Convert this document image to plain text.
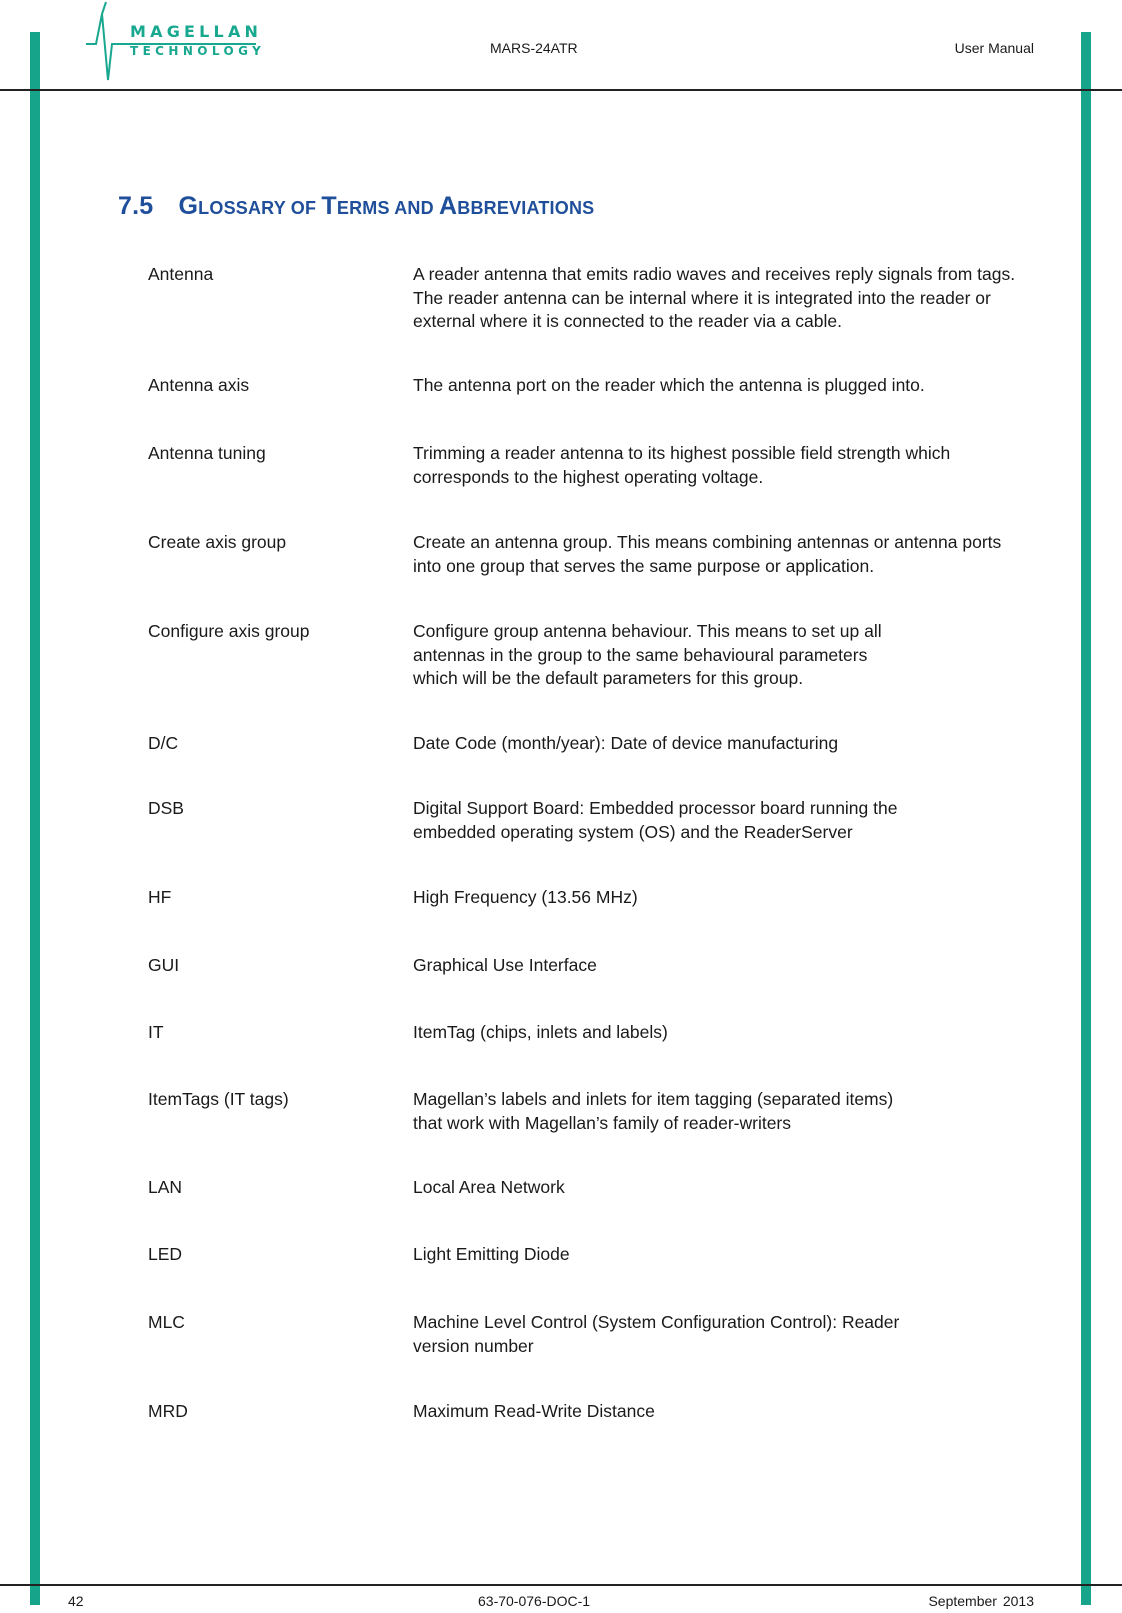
MAGELLAN
TECHNOLOGY	MARS-24ATR	User Manual
7.5 GLOSSARY OF TERMS AND ABBREVIATIONS
Antenna	A reader antenna that emits radio waves and receives reply signals from tags.
The reader antenna can be internal where it is integrated into the reader or
external where it is connected to the reader via a cable.
Antenna axis	The antenna port on the reader which the antenna is plugged into.
Antenna tuning	Trimming a reader antenna to its highest possible field strength which
corresponds to the highest operating voltage.
Create axis group	Create an antenna group. This means combining antennas or antenna ports
into one group that serves the same purpose or application.
Configure axis group	Configure group antenna behaviour. This means to set up all
antennas in the group to the same behavioural parameters
which will be the default parameters for this group.
D/C	Date Code (month/year): Date of device manufacturing
DSB	Digital Support Board: Embedded processor board running the
embedded operating system (OS) and the ReaderServer
HF	High Frequency (13.56 MHz)
GUI	Graphical Use Interface
IT	ItemTag (chips, inlets and labels)
ItemTags (IT tags)	Magellan’s labels and inlets for item tagging (separated items)
that work with Magellan’s family of reader-writers
LAN	Local Area Network
LED	Light Emitting Diode
MLC	Machine Level Control (System Configuration Control): Reader
version number
MRD	Maximum Read-Write Distance
42	63-70-076-DOC-1	September 2013
